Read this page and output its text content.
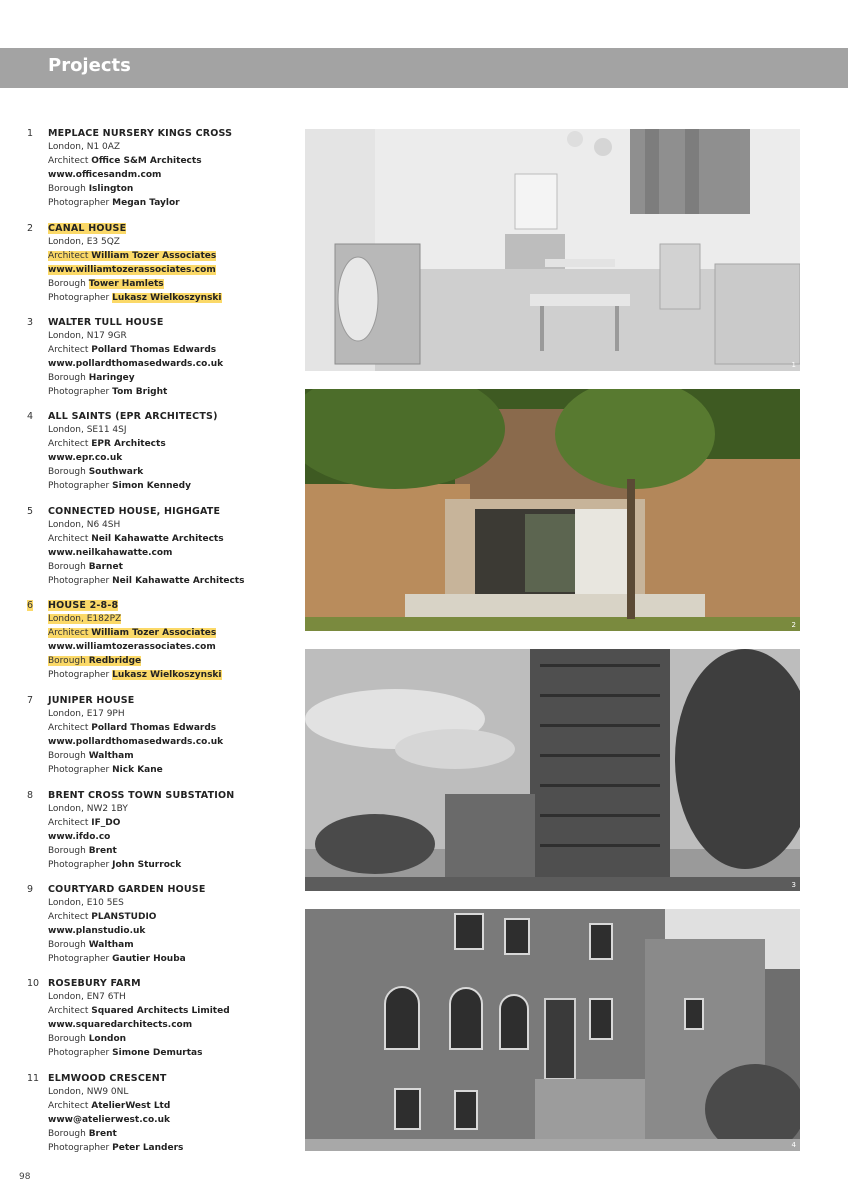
Projects
1 MEPLACE NURSERY KINGS CROSS
London, N1 0AZ
Architect Office S&M Architects
www.officesandm.com
Borough Islington
Photographer Megan Taylor
2 CANAL HOUSE
London, E3 5QZ
Architect William Tozer Associates
www.williamtozerassociates.com
Borough Tower Hamlets
Photographer Lukasz Wielkoszynski
3 WALTER TULL HOUSE
London, N17 9GR
Architect Pollard Thomas Edwards
www.pollardthomasedwards.co.uk
Borough Haringey
Photographer Tom Bright
4 ALL SAINTS (EPR ARCHITECTS)
London, SE11 4SJ
Architect EPR Architects
www.epr.co.uk
Borough Southwark
Photographer Simon Kennedy
5 CONNECTED HOUSE, HIGHGATE
London, N6 4SH
Architect Neil Kahawatte Architects
www.neilkahawatte.com
Borough Barnet
Photographer Neil Kahawatte Architects
6 HOUSE 2-8-8
London, E182PZ
Architect William Tozer Associates
www.williamtozerassociates.com
Borough Redbridge
Photographer Lukasz Wielkoszynski
7 JUNIPER HOUSE
London, E17 9PH
Architect Pollard Thomas Edwards
www.pollardthomasedwards.co.uk
Borough Waltham
Photographer Nick Kane
8 BRENT CROSS TOWN SUBSTATION
London, NW2 1BY
Architect IF_DO
www.ifdo.co
Borough Brent
Photographer John Sturrock
9 COURTYARD GARDEN HOUSE
London, E10 5ES
Architect PLANSTUDIO
www.planstudio.uk
Borough Waltham
Photographer Gautier Houba
10 ROSEBURY FARM
London, EN7 6TH
Architect Squared Architects Limited
www.squaredarchitects.com
Borough London
Photographer Simone Demurtas
11 ELMWOOD CRESCENT
London, NW9 0NL
Architect AtelierWest Ltd
www@atelierwest.co.uk
Borough Brent
Photographer Peter Landers
1
2
3
4
98
